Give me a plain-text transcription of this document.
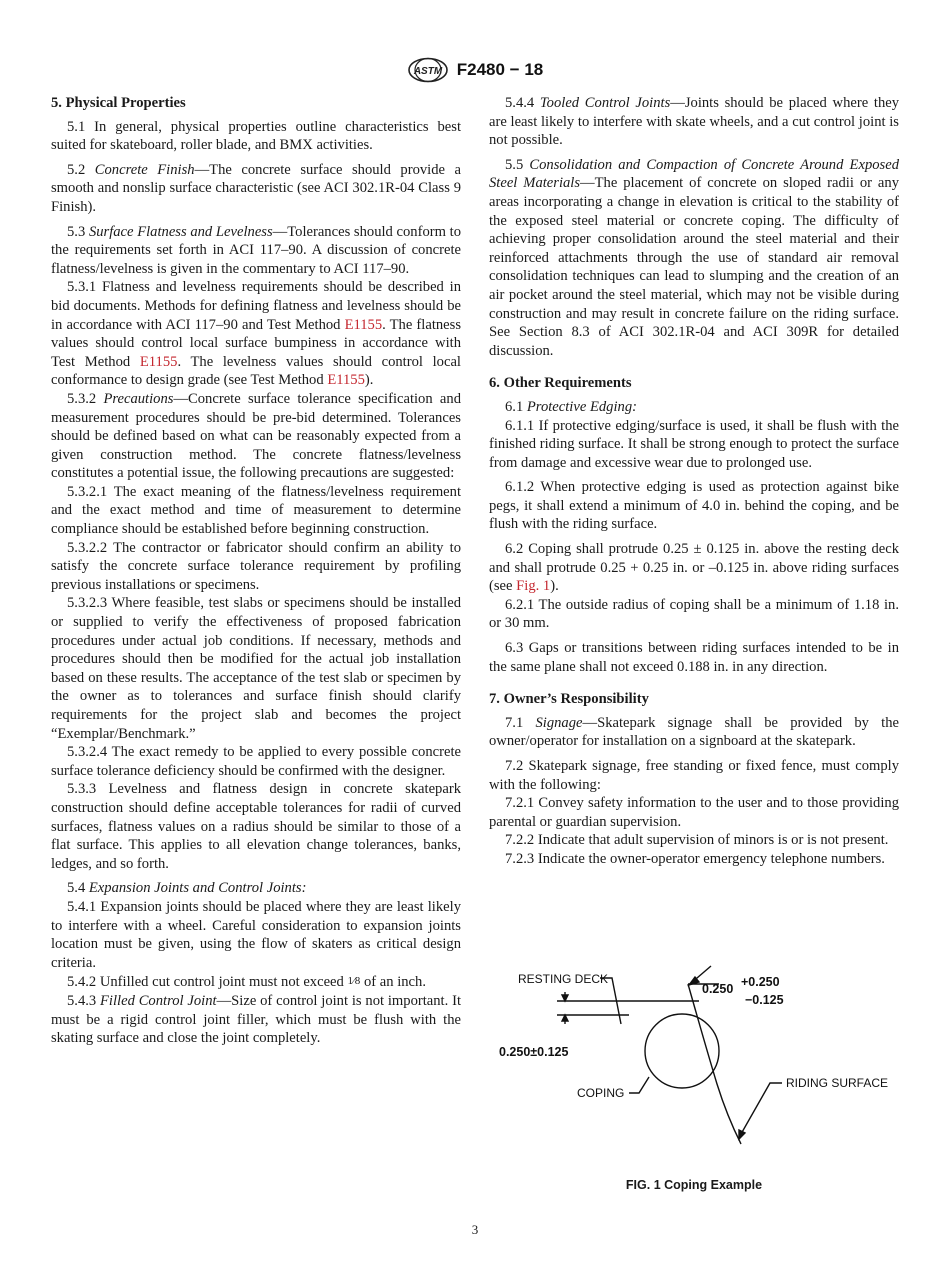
ASTM F2480 − 18
5. Physical Properties

5.1 In general, physical properties outline characteristics best suited for skateboard, roller blade, and BMX activities.

5.2 Concrete Finish—The concrete surface should provide a smooth and nonslip surface characteristic (see ACI 302.1R-04 Class 9 Finish).

5.3 Surface Flatness and Levelness—Tolerances should conform to the requirements set forth in ACI 117–90. A discussion of concrete flatness/levelness is given in the commentary to ACI 117–90.

5.3.1 Flatness and levelness requirements should be described in bid documents. Methods for defining flatness and levelness should be in accordance with ACI 117–90 and Test Method E1155. The flatness values should control local surface bumpiness in accordance with Test Method E1155. The levelness values should control local conformance to design grade (see Test Method E1155).

5.3.2 Precautions—Concrete surface tolerance specification and measurement procedures should be pre-bid determined. Tolerances should be defined based on what can be reasonably expected from a given construction method. The concrete flatness/levelness constitutes a potential issue, the following precautions are suggested:

5.3.2.1 The exact meaning of the flatness/levelness requirement and the exact method and time of measurement to determine compliance should be established before beginning construction.

5.3.2.2 The contractor or fabricator should confirm an ability to satisfy the concrete surface tolerance requirement by profiling previous installations or specimens.

5.3.2.3 Where feasible, test slabs or specimens should be installed or supplied to verify the effectiveness of proposed fabrication procedures under actual job conditions. If necessary, methods and procedures should then be modified for the actual job installation based on these results. The acceptance of the test slab or specimen by the owner as to tolerances and surface finish should clarify requirements for the project slab and becomes the project “Exemplar/Benchmark.”

5.3.2.4 The exact remedy to be applied to every possible concrete surface tolerance deficiency should be confirmed with the designer.

5.3.3 Levelness and flatness design in concrete skatepark construction should define acceptable tolerances for radii of curved surfaces, flatness values on a radius should be similar to those of a flat surface. This applies to all elevation change tolerances, banks, ledges, and so forth.

5.4 Expansion Joints and Control Joints:

5.4.1 Expansion joints should be placed where they are least likely to interfere with a wheel. Careful consideration to expansion joints location must be given, using the flow of skaters as critical design criteria.

5.4.2 Unfilled cut control joint must not exceed 1⁄8 of an inch.

5.4.3 Filled Control Joint—Size of control joint is not important. It must be a rigid control joint filler, which must be flush with the skating surface and close the joint completely.

5.4.4 Tooled Control Joints—Joints should be placed where they are least likely to interfere with skate wheels, and a cut control joint is not possible.

5.5 Consolidation and Compaction of Concrete Around Exposed Steel Materials—The placement of concrete on sloped radii or any areas incorporating a change in elevation is critical to the stability of the exposed steel material or concrete coping. The difficulty of achieving proper consolidation around the steel material and their reinforced attachments through the use of standard air removal consolidation techniques can lead to slumping and the creation of an air pocket around the steel material, which may not be visible during construction and may result in concrete failure on the riding surface. See Section 8.3 of ACI 302.1R-04 and ACI 309R for detailed discussion.

6. Other Requirements

6.1 Protective Edging:

6.1.1 If protective edging/surface is used, it shall be flush with the finished riding surface. It shall be strong enough to protect the surface from damage and excessive wear due to prolonged use.

6.1.2 When protective edging is used as protection against bike pegs, it shall extend a minimum of 4.0 in. behind the coping, and be flush with the riding surface.

6.2 Coping shall protrude 0.25 ± 0.125 in. above the resting deck and shall protrude 0.25 + 0.25 in. or –0.125 in. above riding surfaces (see Fig. 1).

6.2.1 The outside radius of coping shall be a minimum of 1.18 in. or 30 mm.

6.3 Gaps or transitions between riding surfaces intended to be in the same plane shall not exceed 0.188 in. in any direction.

7. Owner’s Responsibility

7.1 Signage—Skatepark signage shall be provided by the owner/operator for installation on a signboard at the skatepark.

7.2 Skatepark signage, free standing or fixed fence, must comply with the following:

7.2.1 Convey safety information to the user and to those providing parental or guardian supervision.

7.2.2 Indicate that adult supervision of minors is or is not present.

7.2.3 Indicate the owner-operator emergency telephone numbers.

RESTING DECK
0.250 +0.250
−0.125
0.250±0.125
COPING
RIDING SURFACE
FIG. 1 Coping Example
3
